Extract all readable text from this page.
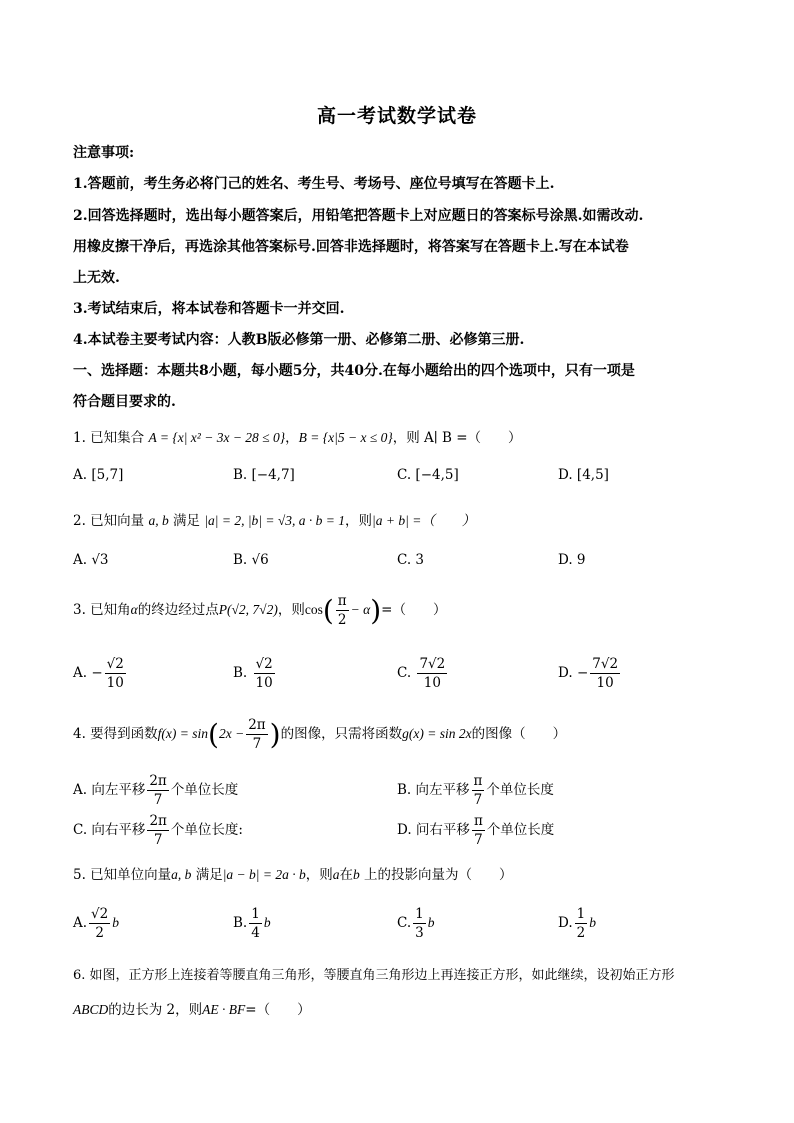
高一考试数学试卷
注意事项:
1.答题前，考生务必将门己的姓名、考生号、考场号、座位号填写在答题卡上.
2.回答选择题时，选出每小题答案后，用铅笔把答题卡上对应题日的答案标号涂黑.如需改动.
用橡皮擦干净后，再选涂其他答案标号.回答非选择题时，将答案写在答题卡上.写在本试卷
上无效.
3.考试结束后，将本试卷和答题卡一并交回.
4.本试卷主要考试内容：人教B版必修第一册、必修第二册、必修第三册.
一、选择题：本题共8小题，每小题5分，共40分.在每小题给出的四个选项中，只有一项是
符合题目要求的.
1. 已知集合 A = {x| x² − 3x − 28 ≤ 0}，B = {x|5 − x ≤ 0}，则 A∣ B =（　　）
A. [5,7]	B. [−4,7]	C. [−4,5]	D. [4,5]
2. 已知向量 a, b 满足 |a| = 2, |b| = √3, a · b = 1，则|a + b| =（　　）
A. √3	B. √6	C. 3	D. 9
3. 已知角α的终边经过点P(√2, 7√2)，则$\cos( \frac{\pi}{2} - \alpha)=$（　　）
A. − $\frac{√2}{10}$	B. $\frac{√2}{10}$	C. $\frac{7√2}{10}$	D. − $\frac{7√2}{10}$
4. 要得到函数$f(x) = \sin(2x - \frac{2\pi}{7}$ )的图像，只需将函数g(x) = sin 2x的图像（　　）
A. 向左平移 $\frac{2\pi}{7}$ 个单位长度	B. 向左平移 $\frac{\pi}{7}$ 个单位长度
C. 向右平移 $\frac{2\pi}{7}$ 个单位长度:	D. 问右平移 $\frac{\pi}{7}$ 个单位长度
5. 已知单位向量a, b 满足|a − b| = 2a · b，则a在b 上的投影向量为（　　）
A. $\frac{√2}{2}$ b	B. $\frac{1}{4}$ b	C. $\frac{1}{3}$ b	D. $\frac{1}{2}$ b
6. 如图，正方形上连接着等腰直角三角形，等腰直角三角形边上再连接正方形，如此继续，设初始正方形
ABCD的边长为 2，则AE · BF=（　　）
